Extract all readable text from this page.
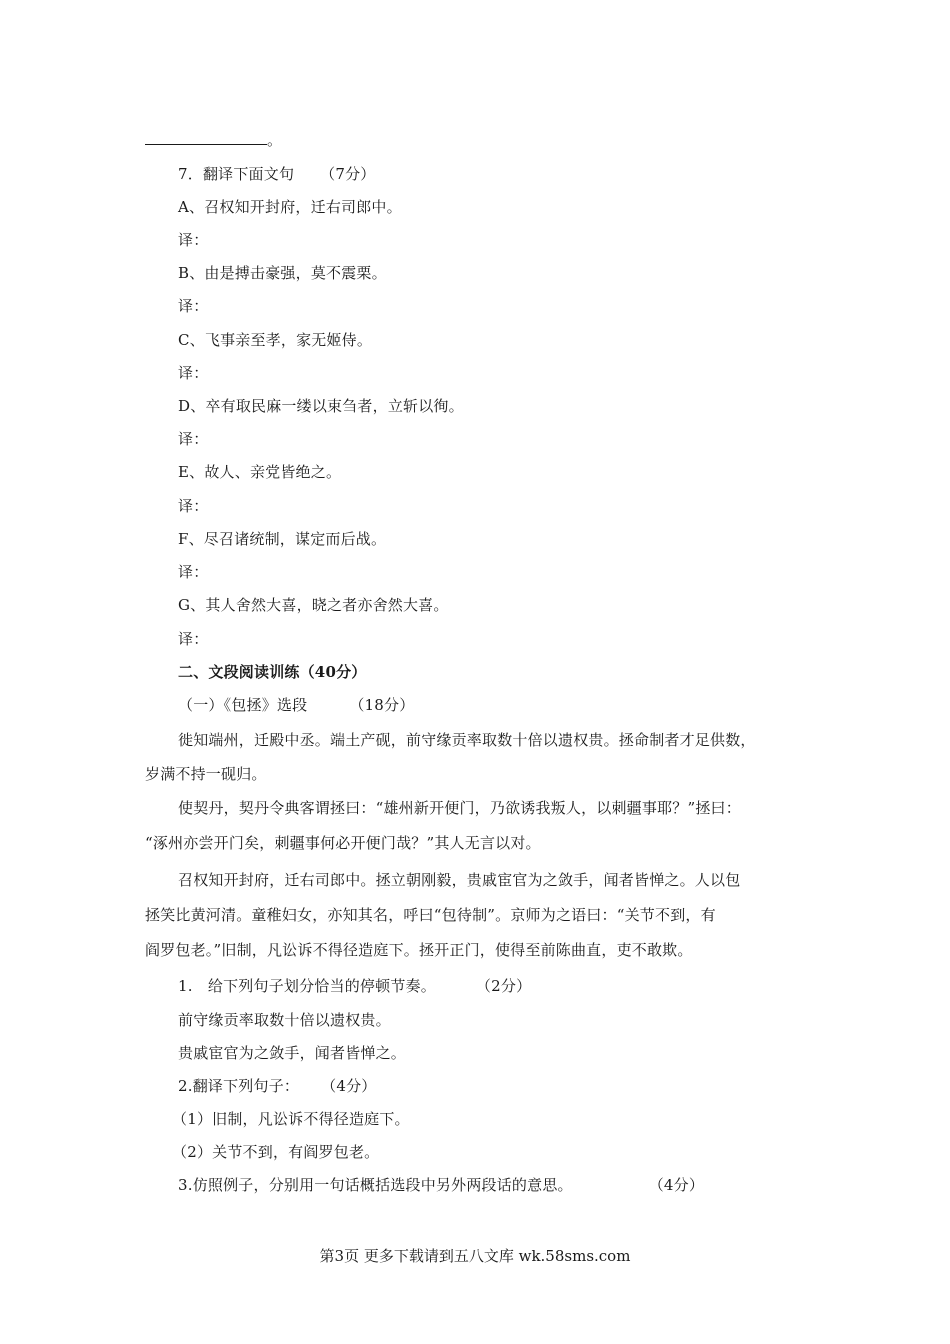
。
7．翻译下面文句 （7分）
A、召权知开封府，迁右司郎中。
译：
B、由是搏击豪强，莫不震栗。
译：
C、飞事亲至孝，家无姬侍。
译：
D、卒有取民麻一缕以束刍者，立斩以徇。
译：
E、故人、亲党皆绝之。
译：
F、尽召诸统制，谋定而后战。
译：
G、其人舍然大喜，晓之者亦舍然大喜。
译：
二、文段阅读训练（40分）
（一）《包拯》选段	（18分）
徙知端州，迁殿中丞。端土产砚，前守缘贡率取数十倍以遗权贵。拯命制者才足供数，
岁满不持一砚归。
使契丹，契丹令典客谓拯曰：“雄州新开便门，乃欲诱我叛人，以刺疆事耶？”拯曰：
“涿州亦尝开门矣，刺疆事何必开便门哉？”其人无言以对。
召权知开封府，迁右司郎中。拯立朝刚毅，贵戚宦官为之敛手，闻者皆惮之。人以包
拯笑比黄河清。童稚妇女，亦知其名，呼曰“包待制”。京师为之语曰：“关节不到，有
阎罗包老。”旧制，凡讼诉不得径造庭下。拯开正门，使得至前陈曲直，吏不敢欺。
1.　给下列句子划分恰当的停顿节奏。	（2分）
前守缘贡率取数十倍以遗权贵。
贵戚宦官为之敛手，闻者皆惮之。
2.翻译下列句子： （4分）
（1）旧制，凡讼诉不得径造庭下。
（2）关节不到，有阎罗包老。
3.仿照例子，分别用一句话概括选段中另外两段话的意思。	（4分）
第3页 更多下载请到五八文库 wk.58sms.com
